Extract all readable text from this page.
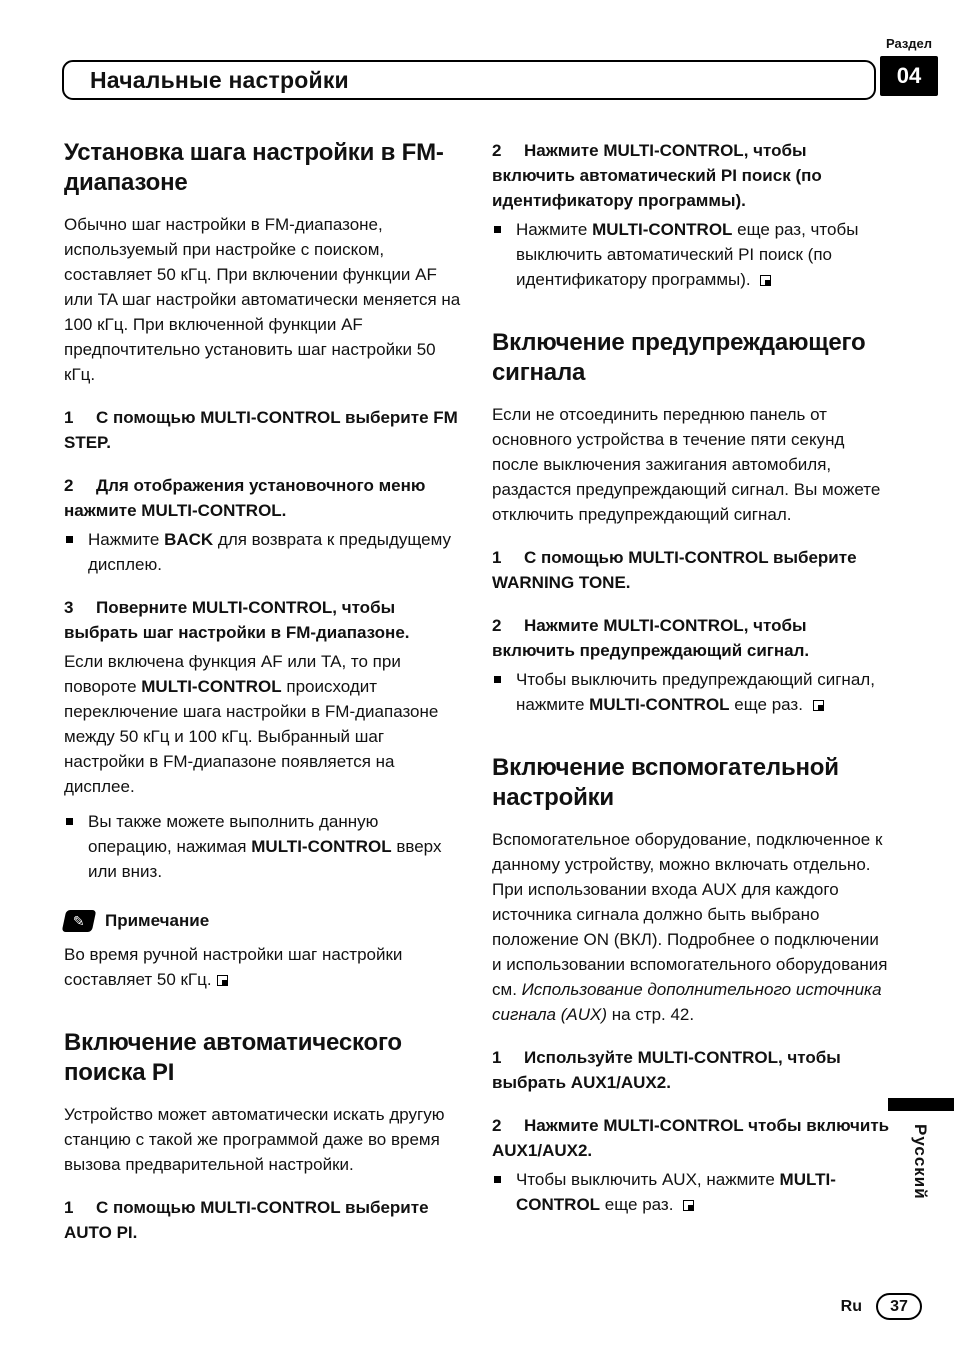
Начальные настройки
Раздел
04
Установка шага настройки в FM-диапазоне

Обычно шаг настройки в FM-диапазоне, используемый при настройке с поиском, составляет 50 кГц. При включении функции AF или TA шаг настройки автоматически меняется на 100 кГц. При включенной функции AF предпочтительно установить шаг настройки 50 кГц.

1 С помощью MULTI-CONTROL выберите FM STEP.

2 Для отображения установочного меню нажмите MULTI-CONTROL.

Нажмите BACK для возврата к предыдущему дисплею.

3 Поверните MULTI-CONTROL, чтобы выбрать шаг настройки в FM-диапазоне.

Если включена функция AF или TA, то при повороте MULTI-CONTROL происходит переключение шага настройки в FM-диапазоне между 50 кГц и 100 кГц. Выбранный шаг настройки в FM-диапазоне появляется на дисплее.

Вы также можете выполнить данную операцию, нажимая MULTI-CONTROL вверх или вниз.
✎ Примечание

Во время ручной настройки шаг настройки составляет 50 кГц.

Включение автоматического поиска PI

Устройство может автоматически искать другую станцию с такой же программой даже во время вызова предварительной настройки.

1 С помощью MULTI-CONTROL выберите AUTO PI.

2 Нажмите MULTI-CONTROL, чтобы включить автоматический PI поиск (по идентификатору программы).

Нажмите MULTI-CONTROL еще раз, чтобы выключить автоматический PI поиск (по идентификатору программы).
Включение предупреждающего сигнала

Если не отсоединить переднюю панель от основного устройства в течение пяти секунд после выключения зажигания автомобиля, раздастся предупреждающий сигнал. Вы можете отключить предупреждающий сигнал.

1 С помощью MULTI-CONTROL выберите WARNING TONE.

2 Нажмите MULTI-CONTROL, чтобы включить предупреждающий сигнал.

Чтобы выключить предупреждающий сигнал, нажмите MULTI-CONTROL еще раз.
Включение вспомогательной настройки

Вспомогательное оборудование, подключенное к данному устройству, можно включать отдельно. При использовании входа AUX для каждого источника сигнала должно быть выбрано положение ON (ВКЛ). Подробнее о подключении и использовании вспомогательного оборудования см. Использование дополнительного источника сигнала (AUX) на стр. 42.

1 Используйте MULTI-CONTROL, чтобы выбрать AUX1/AUX2.

2 Нажмите MULTI-CONTROL чтобы включить AUX1/AUX2.

Чтобы выключить AUX, нажмите MULTI-CONTROL еще раз.
Русский
Ru	37
